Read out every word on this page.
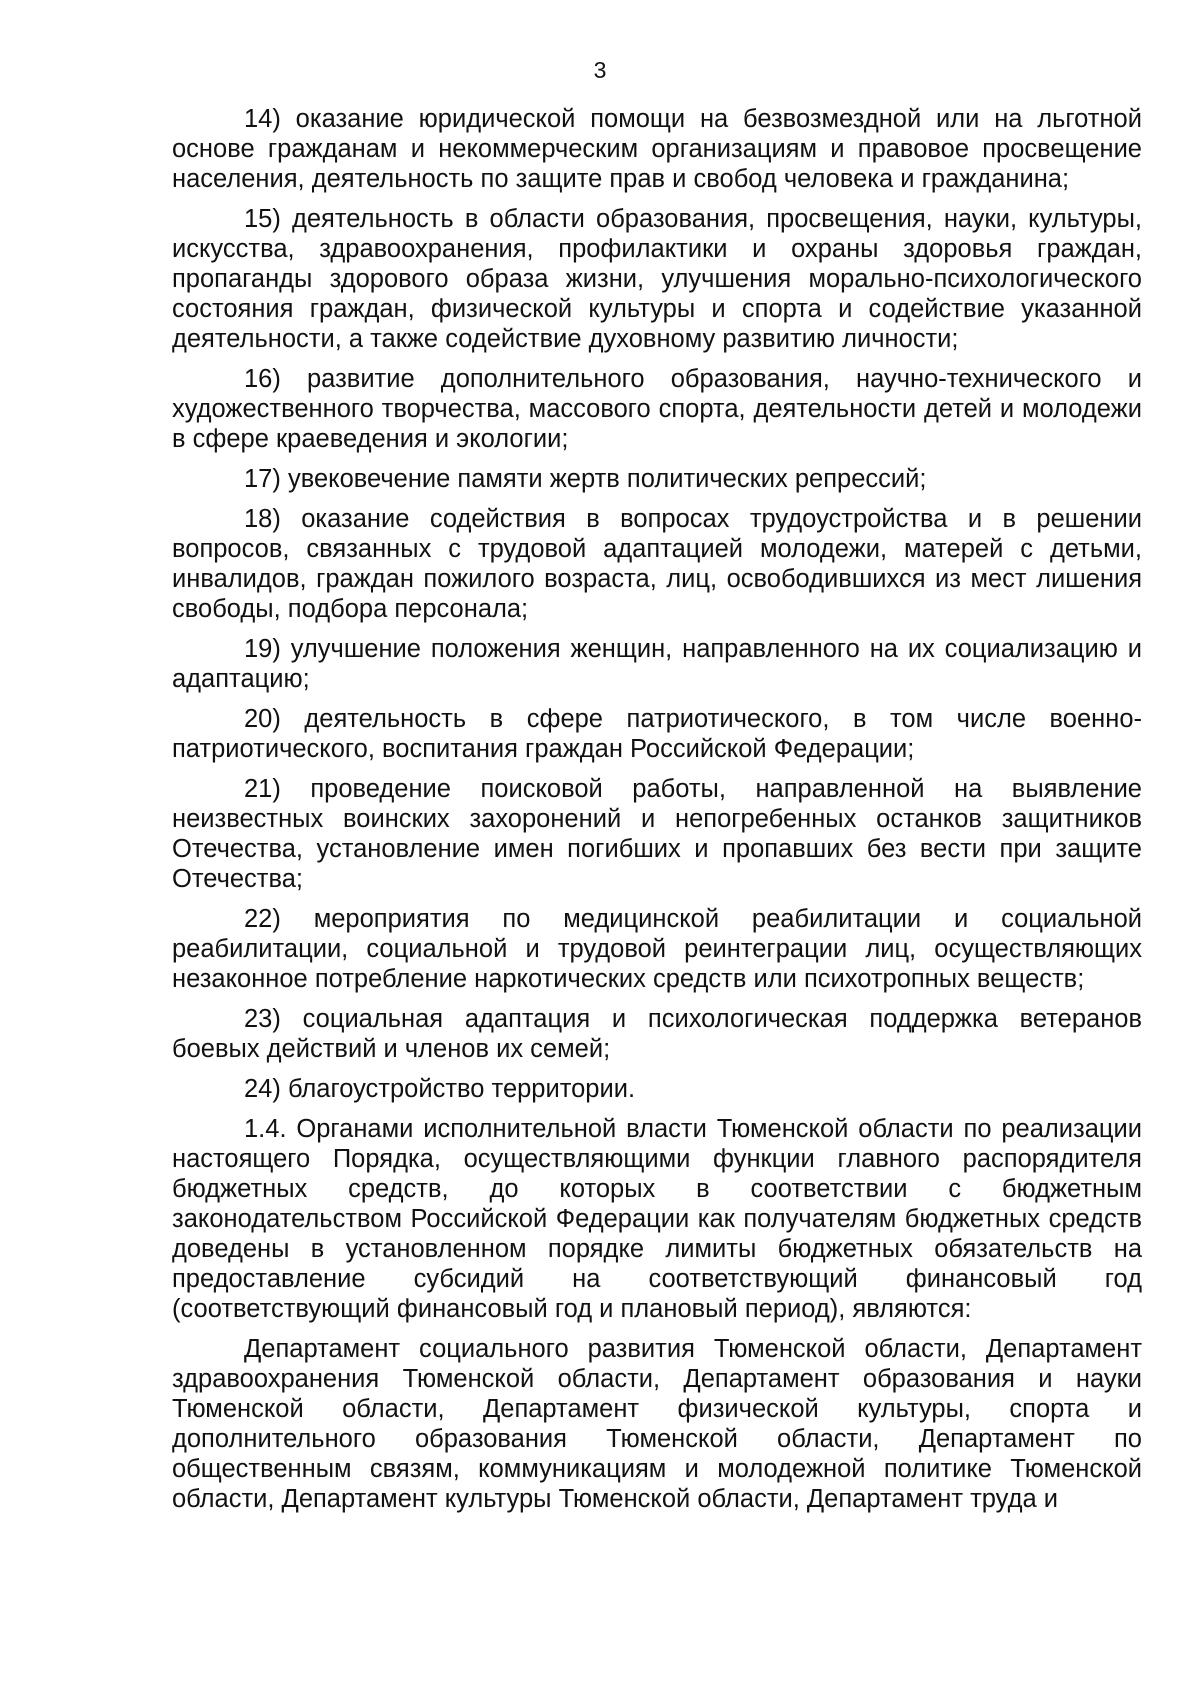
3

14) оказание юридической помощи на безвозмездной или на льготной основе гражданам и некоммерческим организациям и правовое просвещение населения, деятельность по защите прав и свобод человека и гражданина;

15) деятельность в области образования, просвещения, науки, культуры, искусства, здравоохранения, профилактики и охраны здоровья граждан, пропаганды здорового образа жизни, улучшения морально-психологического состояния граждан, физической культуры и спорта и содействие указанной деятельности, а также содействие духовному развитию личности;

16) развитие дополнительного образования, научно-технического и художественного творчества, массового спорта, деятельности детей и молодежи в сфере краеведения и экологии;

17) увековечение памяти жертв политических репрессий;

18) оказание содействия в вопросах трудоустройства и в решении вопросов, связанных с трудовой адаптацией молодежи, матерей с детьми, инвалидов, граждан пожилого возраста, лиц, освободившихся из мест лишения свободы, подбора персонала;

19) улучшение положения женщин, направленного на их социализацию и адаптацию;

20) деятельность в сфере патриотического, в том числе военно-патриотического, воспитания граждан Российской Федерации;

21) проведение поисковой работы, направленной на выявление неизвестных воинских захоронений и непогребенных останков защитников Отечества, установление имен погибших и пропавших без вести при защите Отечества;

22) мероприятия по медицинской реабилитации и социальной реабилитации, социальной и трудовой реинтеграции лиц, осуществляющих незаконное потребление наркотических средств или психотропных веществ;

23) социальная адаптация и психологическая поддержка ветеранов боевых действий и членов их семей;

24) благоустройство территории.

1.4. Органами исполнительной власти Тюменской области по реализации настоящего Порядка, осуществляющими функции главного распорядителя бюджетных средств, до которых в соответствии с бюджетным законодательством Российской Федерации как получателям бюджетных средств доведены в установленном порядке лимиты бюджетных обязательств на предоставление субсидий на соответствующий финансовый год (соответствующий финансовый год и плановый период), являются:

Департамент социального развития Тюменской области, Департамент здравоохранения Тюменской области, Департамент образования и науки Тюменской области, Департамент физической культуры, спорта и дополнительного образования Тюменской области, Департамент по общественным связям, коммуникациям и молодежной политике Тюменской области, Департамент культуры Тюменской области, Департамент труда и
